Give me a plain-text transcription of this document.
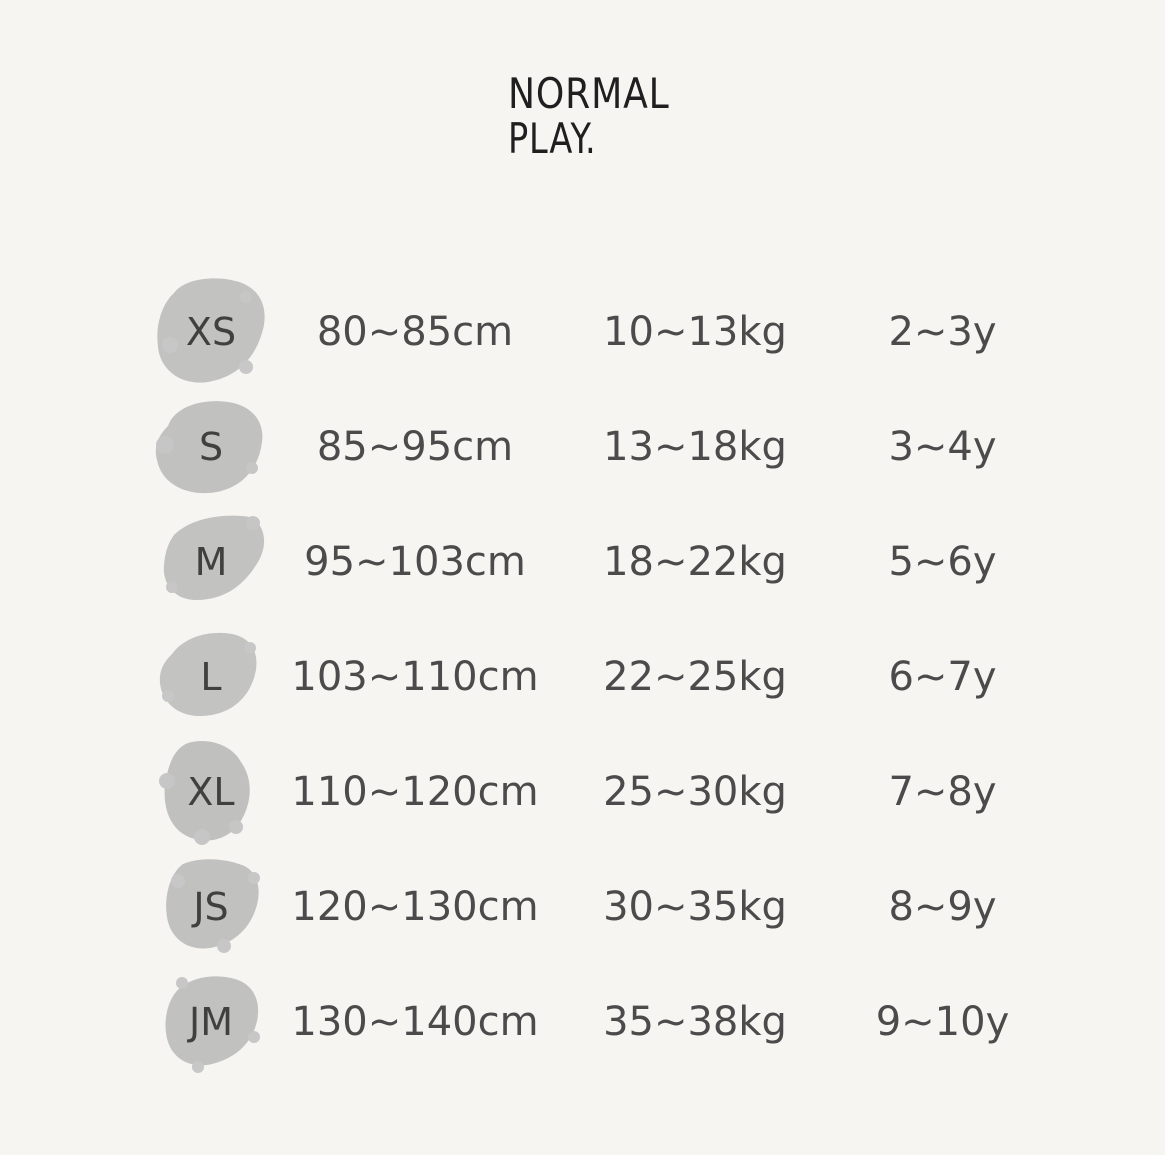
NORMAL
PLAY.
XS	80~85cm	10~13kg	2~3y
S	85~95cm	13~18kg	3~4y
M	95~103cm	18~22kg	5~6y
L	103~110cm	22~25kg	6~7y
XL	110~120cm	25~30kg	7~8y
JS	120~130cm	30~35kg	8~9y
JM	130~140cm	35~38kg	9~10y
